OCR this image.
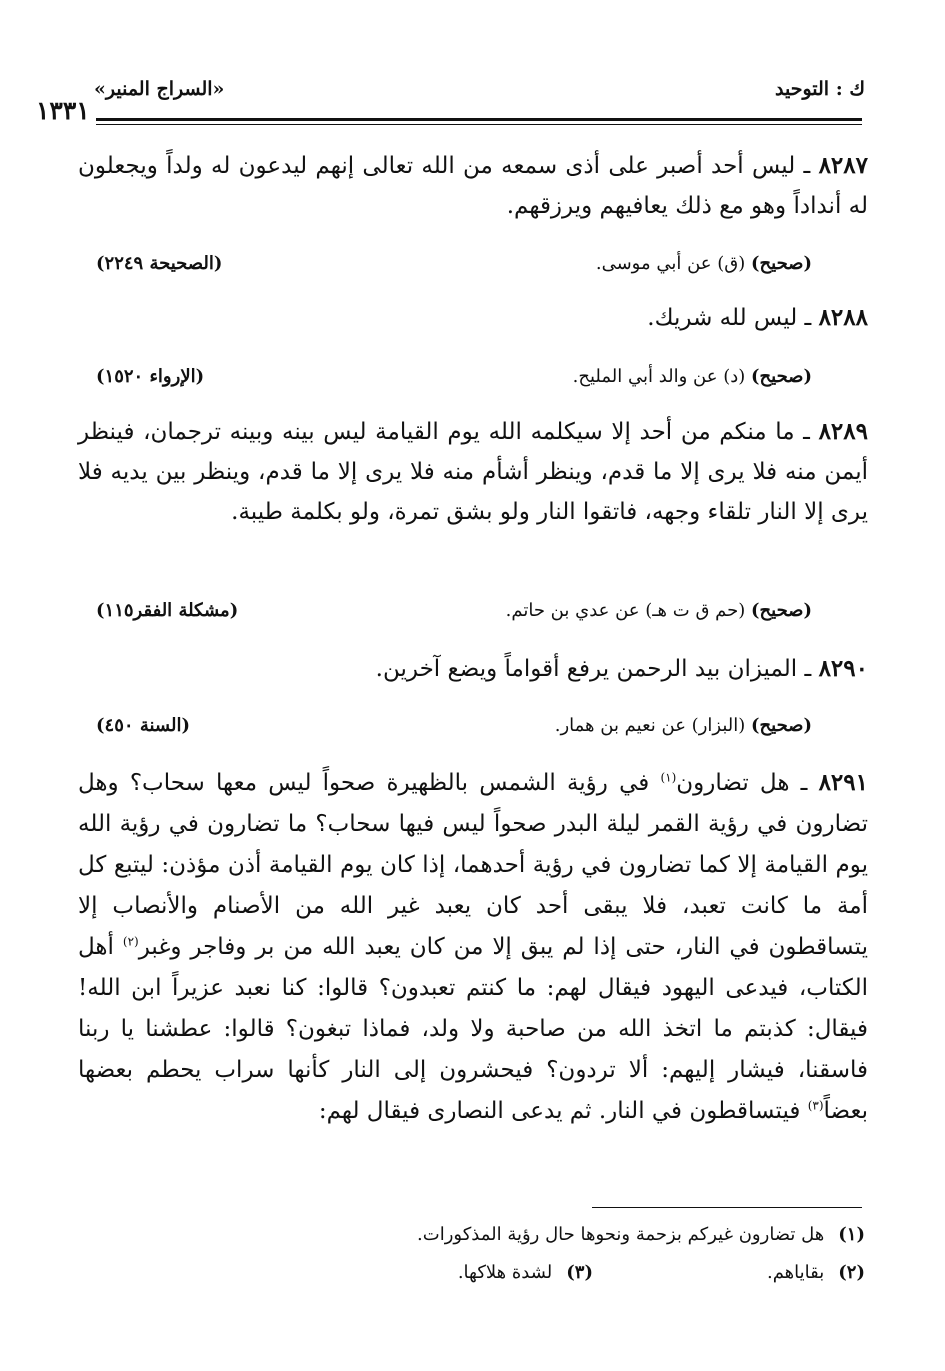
ك : التوحيد
«السراج المنير»
١٣٣١
٨٢٨٧ ـ ليس أحد أصبر على أذى سمعه من الله تعالى إنهم ليدعون له ولداً ويجعلون له أنداداً وهو مع ذلك يعافيهم ويرزقهم.
(صحيح) (ق) عن أبي موسى.
(الصحيحة ٢٢٤٩)
٨٢٨٨ ـ ليس لله شريك.
(صحيح) (د) عن والد أبي المليح.
(الإرواء ١٥٢٠)
٨٢٨٩ ـ ما منكم من أحد إلا سيكلمه الله يوم القيامة ليس بينه وبينه ترجمان، فينظر أيمن منه فلا يرى إلا ما قدم، وينظر أشأم منه فلا يرى إلا ما قدم، وينظر بين يديه فلا يرى إلا النار تلقاء وجهه، فاتقوا النار ولو بشق تمرة، ولو بكلمة طيبة.
(صحيح) (حم ق ت هـ) عن عدي بن حاتم.
(مشكلة الفقر١١٥)
٨٢٩٠ ـ الميزان بيد الرحمن يرفع أقواماً ويضع آخرين.
(صحيح) (البزار) عن نعيم بن همار.
(السنة ٤٥٠)
٨٢٩١ ـ هل تضارون$^{(١)}$ في رؤية الشمس بالظهيرة صحواً ليس معها سحاب؟ وهل تضارون في رؤية القمر ليلة البدر صحواً ليس فيها سحاب؟ ما تضارون في رؤية الله يوم القيامة إلا كما تضارون في رؤية أحدهما، إذا كان يوم القيامة أذن مؤذن: ليتبع كل أمة ما كانت تعبد، فلا يبقى أحد كان يعبد غير الله من الأصنام والأنصاب إلا يتساقطون في النار، حتى إذا لم يبق إلا من كان يعبد الله من بر وفاجر وغبر$^{(٢)}$ أهل الكتاب، فيدعى اليهود فيقال لهم: ما كنتم تعبدون؟ قالوا: كنا نعبد عزيراً ابن الله! فيقال: كذبتم ما اتخذ الله من صاحبة ولا ولد، فماذا تبغون؟ قالوا: عطشنا يا ربنا فاسقنا، فيشار إليهم: ألا تردون؟ فيحشرون إلى النار كأنها سراب يحطم بعضها بعضاً$^{(٣)}$ فيتساقطون في النار. ثم يدعى النصارى فيقال لهم:
(١)هل تضارون غيركم بزحمة ونحوها حال رؤية المذكورات.
(٢)بقاياهم.
(٣)لشدة هلاكها.
